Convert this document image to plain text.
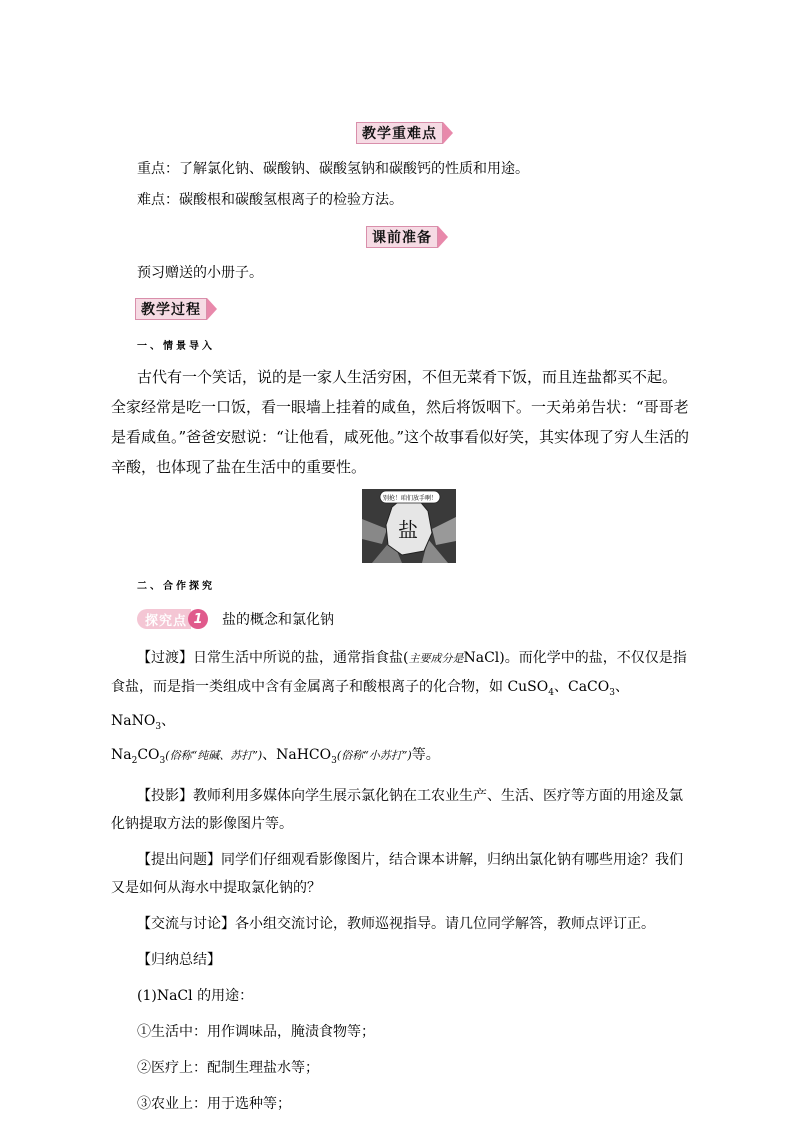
教学重难点
重点：了解氯化钠、碳酸钠、碳酸氢钠和碳酸钙的性质和用途。
难点：碳酸根和碳酸氢根离子的检验方法。
课前准备
预习赠送的小册子。
教学过程
一、情景导入

古代有一个笑话，说的是一家人生活穷困，不但无菜肴下饭，而且连盐都买不起。全家经常是吃一口饭，看一眼墙上挂着的咸鱼，然后将饭咽下。一天弟弟告状：“哥哥老是看咸鱼。”爸爸安慰说：“让他看，咸死他。”这个故事看似好笑，其实体现了穷人生活的辛酸，也体现了盐在生活中的重要性。

别抢！咱们放手啊！
盐
二、合作探究
探究点 1	盐的概念和氯化钠

【过渡】日常生活中所说的盐，通常指食盐(主要成分是NaCl)。而化学中的盐，不仅仅是指食盐，而是指一类组成中含有金属离子和酸根离子的化合物，如 CuSO$_4$、CaCO$_3$、NaNO$_3$、
$Na_2CO_3$(俗称“纯碱、苏打”)、NaHCO$_3$(俗称“小苏打”)等。

【投影】教师利用多媒体向学生展示氯化钠在工农业生产、生活、医疗等方面的用途及氯化钠提取方法的影像图片等。

【提出问题】同学们仔细观看影像图片，结合课本讲解，归纳出氯化钠有哪些用途？我们又是如何从海水中提取氯化钠的？

【交流与讨论】各小组交流讨论，教师巡视指导。请几位同学解答，教师点评订正。

【归纳总结】

(1)NaCl 的用途：

①生活中：用作调味品，腌渍食物等；

②医疗上：配制生理盐水等；

③农业上：用于选种等；
